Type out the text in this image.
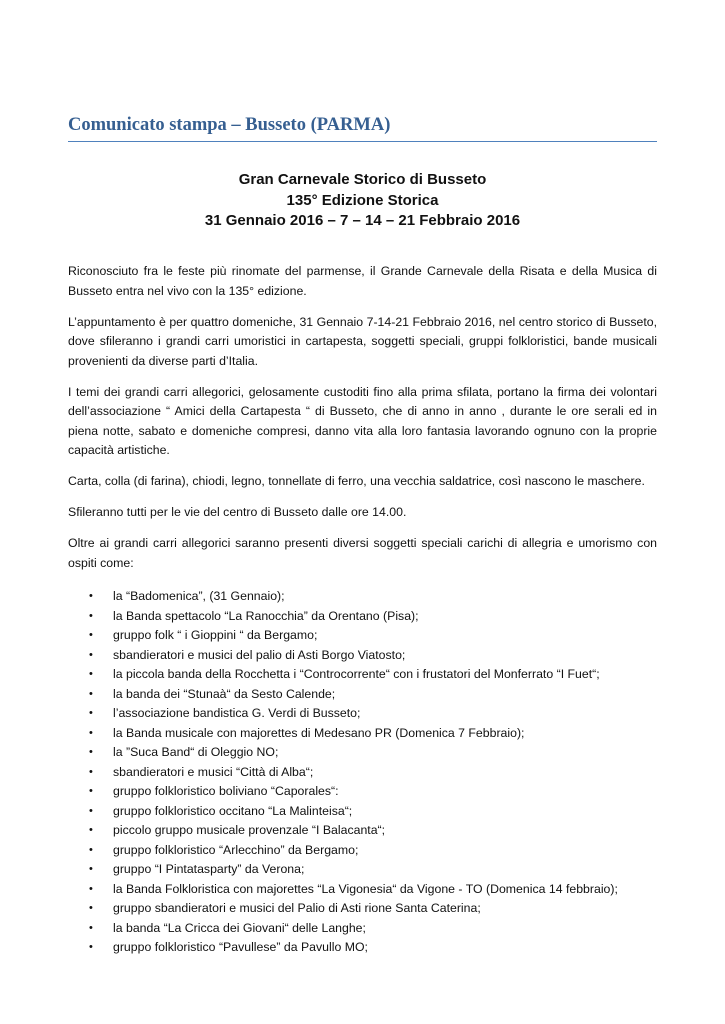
Comunicato stampa – Busseto (PARMA)

Gran Carnevale Storico di Busseto

135° Edizione Storica

31 Gennaio 2016 – 7 – 14 – 21 Febbraio 2016

Riconosciuto fra le feste più rinomate del parmense, il Grande Carnevale della Risata e della Musica di Busseto entra nel vivo con la 135° edizione.

L’appuntamento è per quattro domeniche, 31 Gennaio 7-14-21 Febbraio 2016, nel centro storico di Busseto, dove sfileranno i grandi carri umoristici in cartapesta, soggetti speciali, gruppi folkloristici, bande musicali provenienti da diverse parti d’Italia.

I temi dei grandi carri allegorici, gelosamente custoditi fino alla prima sfilata, portano la firma dei volontari dell’associazione “ Amici della Cartapesta “ di Busseto, che di anno in anno , durante le ore serali ed in piena notte, sabato e domeniche compresi, danno vita alla loro fantasia lavorando ognuno con la proprie capacità artistiche.

Carta, colla (di farina), chiodi, legno, tonnellate di ferro, una vecchia saldatrice, così nascono le maschere.

Sfileranno tutti per le vie del centro di Busseto dalle ore 14.00.

Oltre ai grandi carri allegorici saranno presenti diversi soggetti speciali carichi di allegria e umorismo con ospiti come:

• la “Badomenica”, (31 Gennaio);
• la Banda spettacolo “La Ranocchia” da Orentano (Pisa);
• gruppo folk “ i Gioppini “ da Bergamo;
• sbandieratori e musici del palio di Asti Borgo Viatosto;
• la piccola banda della Rocchetta i “Controcorrente“ con i frustatori del Monferrato “I Fuet“;
• la banda dei “Stunaà“ da Sesto Calende;
• l’associazione bandistica G. Verdi di Busseto;
• la Banda musicale con majorettes di Medesano PR (Domenica 7 Febbraio);
• la ”Suca Band“ di Oleggio NO;
• sbandieratori e musici “Città di Alba“;
• gruppo folkloristico boliviano “Caporales“:
• gruppo folkloristico occitano “La Malinteisa“;
• piccolo gruppo musicale provenzale “I Balacanta“;
• gruppo folkloristico “Arlecchino” da Bergamo;
• gruppo “I Pintatasparty” da Verona;
• la Banda Folkloristica con majorettes “La Vigonesia“ da Vigone - TO (Domenica 14 febbraio);
• gruppo sbandieratori e musici del Palio di Asti rione Santa Caterina;
• la banda “La Cricca dei Giovani“ delle Langhe;
• gruppo folkloristico “Pavullese” da Pavullo MO;
